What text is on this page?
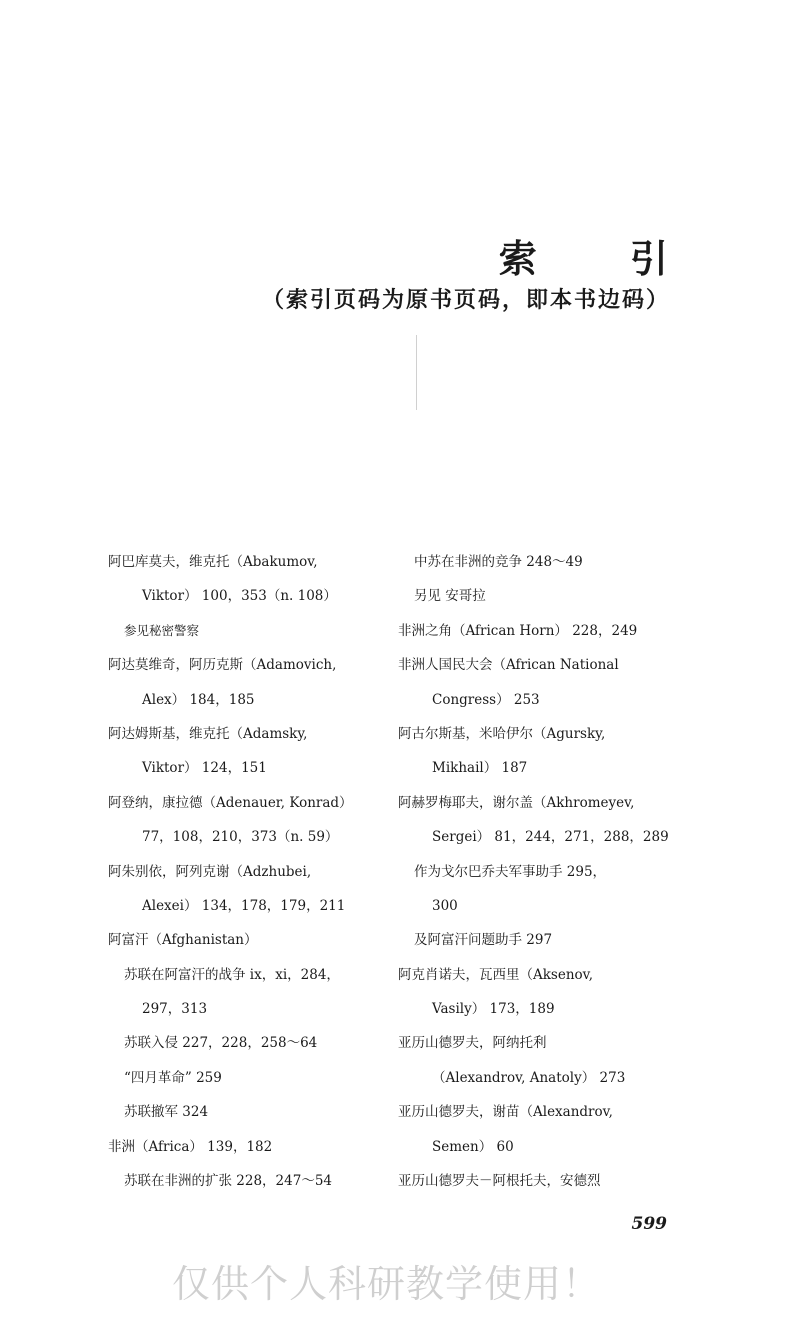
索 引
（索引页码为原书页码，即本书边码）
阿巴库莫夫，维克托（Abakumov,
Viktor） 100，353（n. 108）
参见秘密警察
阿达莫维奇，阿历克斯（Adamovich,
Alex） 184，185
阿达姆斯基，维克托（Adamsky,
Viktor） 124，151
阿登纳，康拉德（Adenauer, Konrad）
77，108，210，373（n. 59）
阿朱别依，阿列克谢（Adzhubei,
Alexei） 134，178，179，211
阿富汗（Afghanistan）
苏联在阿富汗的战争 ix，xi，284，
297，313
苏联入侵 227，228，258～64
“四月革命” 259
苏联撤军 324
非洲（Africa） 139，182
苏联在非洲的扩张 228，247～54
中苏在非洲的竞争 248～49
另见 安哥拉
非洲之角（African Horn） 228，249
非洲人国民大会（African National
Congress） 253
阿古尔斯基，米哈伊尔（Agursky,
Mikhail） 187
阿赫罗梅耶夫，谢尔盖（Akhromeyev,
Sergei） 81，244，271，288，289
作为戈尔巴乔夫军事助手 295，
300
及阿富汗问题助手 297
阿克肖诺夫，瓦西里（Aksenov,
Vasily） 173，189
亚历山德罗夫，阿纳托利
（Alexandrov, Anatoly） 273
亚历山德罗夫，谢苗（Alexandrov,
Semen） 60
亚历山德罗夫－阿根托夫，安德烈
599
仅供个人科研教学使用！
